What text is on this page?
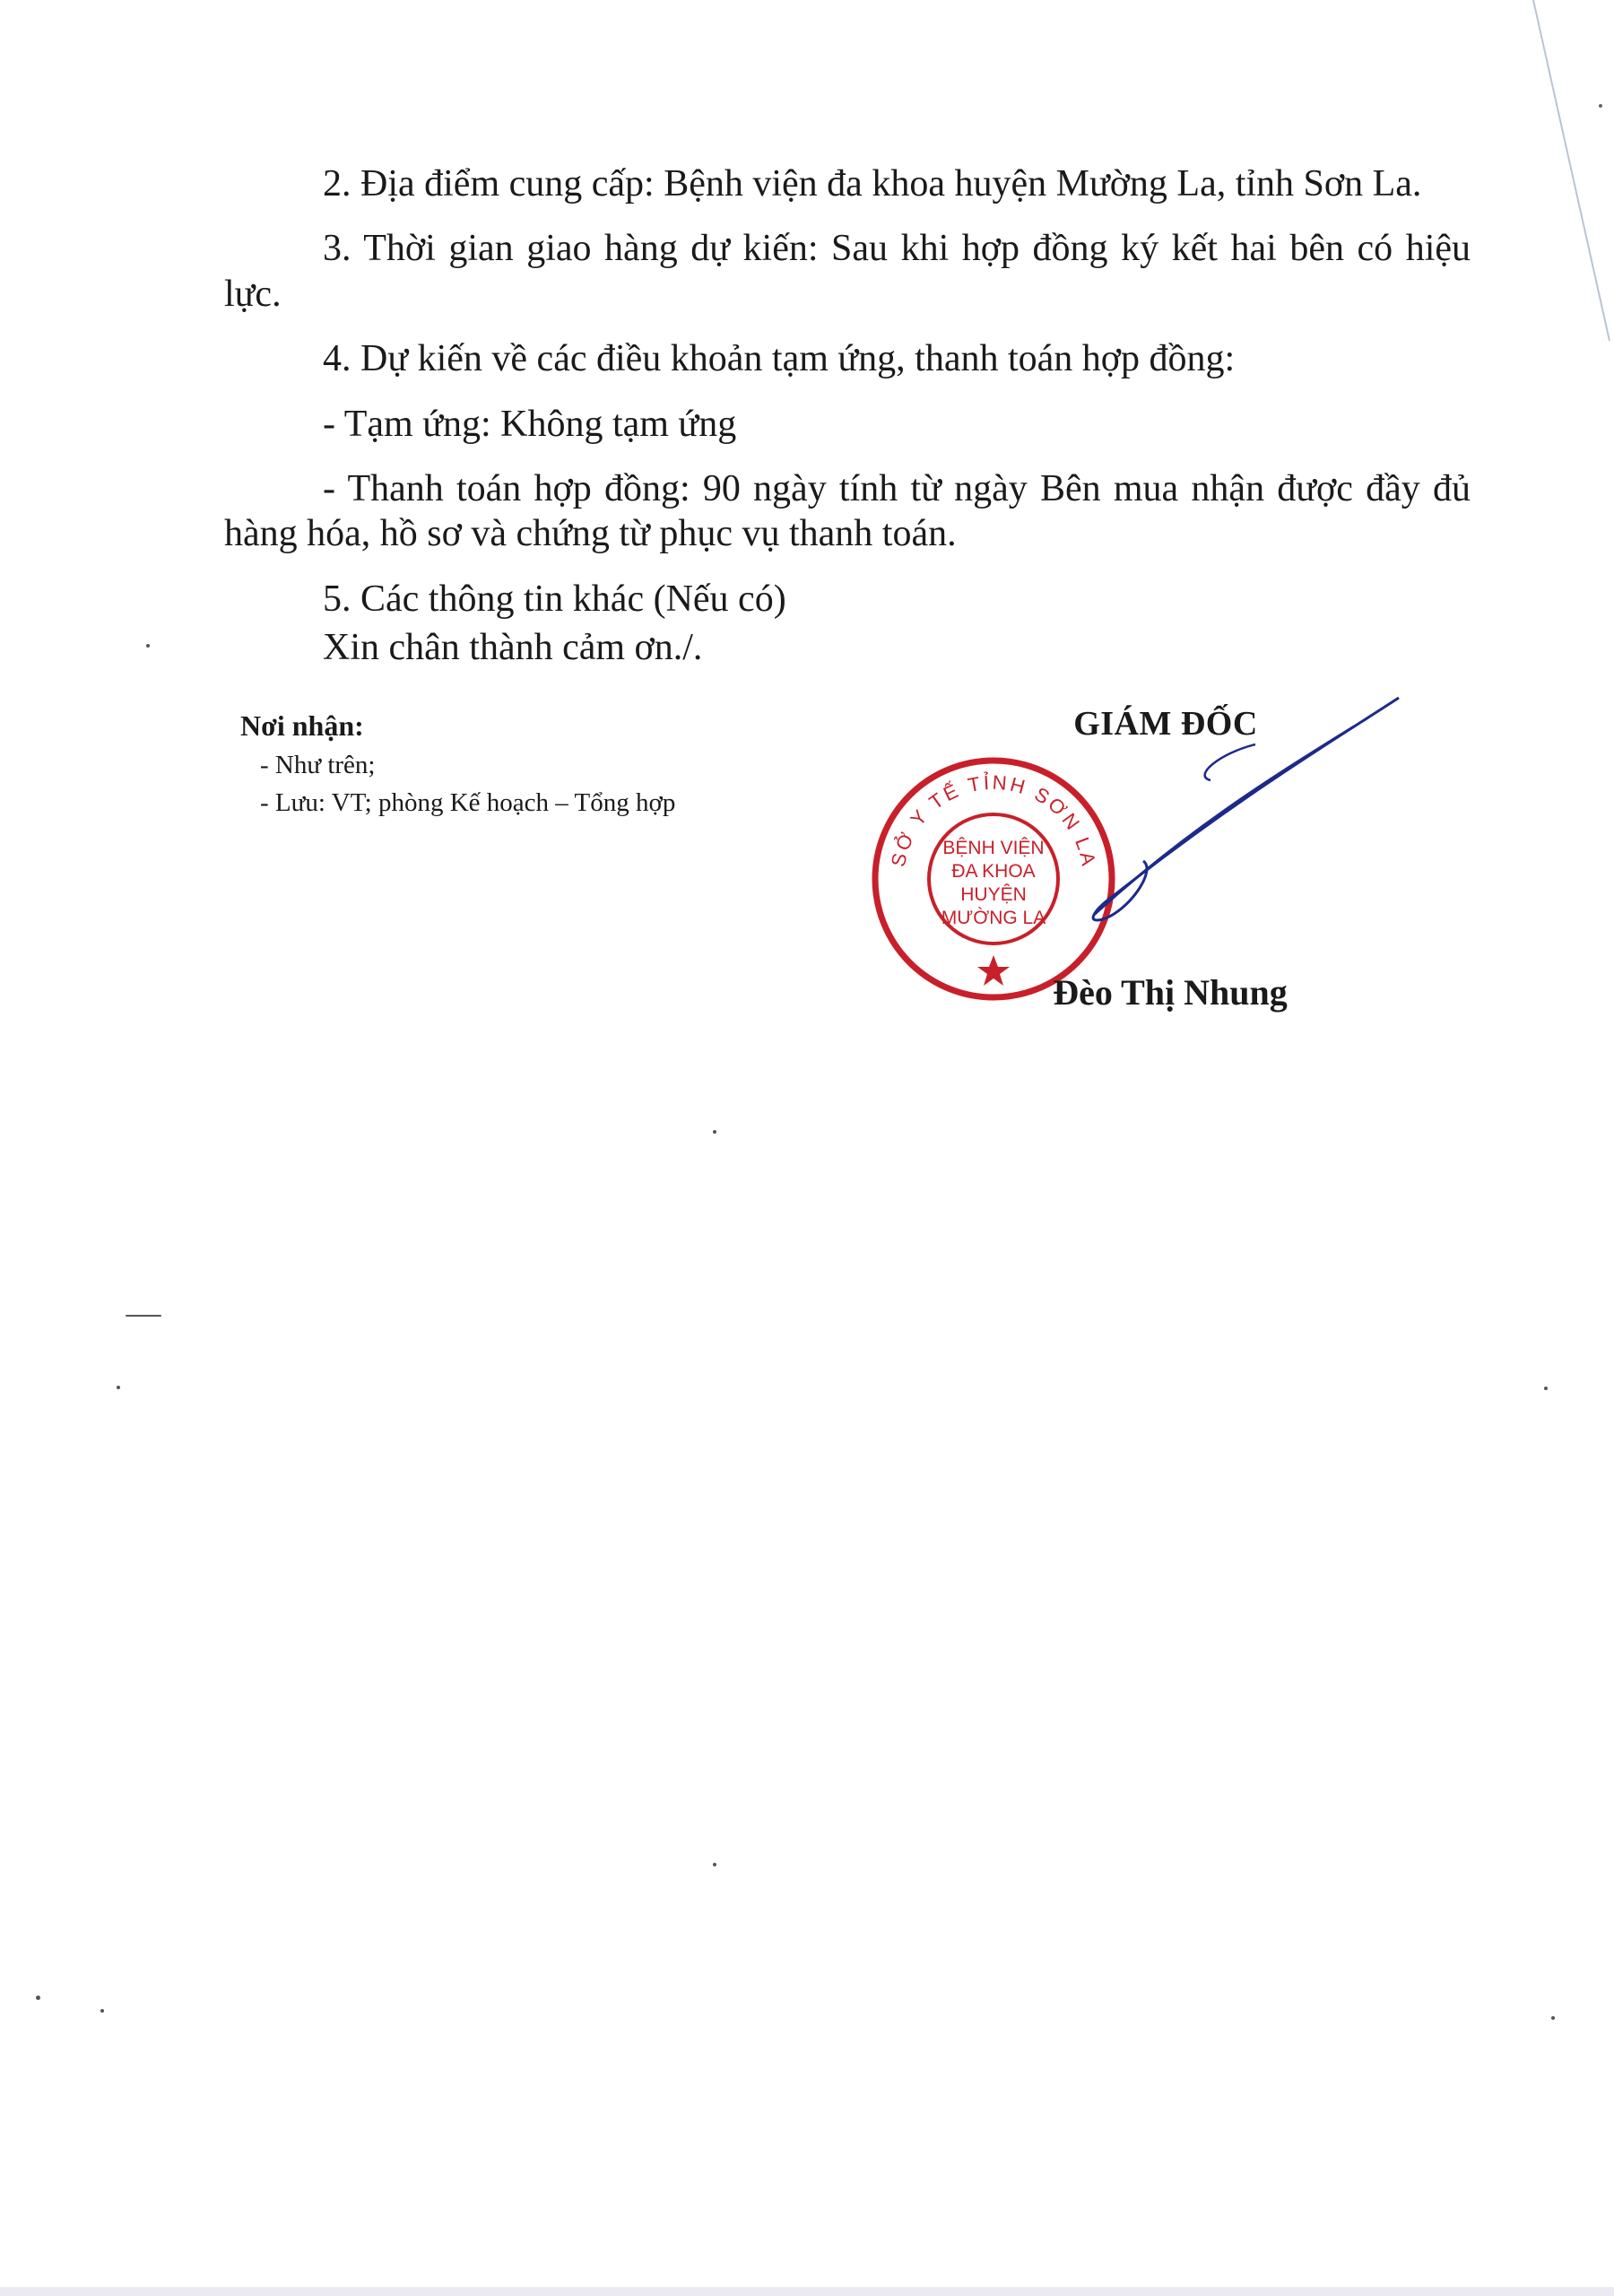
2. Địa điểm cung cấp: Bệnh viện đa khoa huyện Mường La, tỉnh Sơn La.

3. Thời gian giao hàng dự kiến: Sau khi hợp đồng ký kết hai bên có hiệu lực.

4. Dự kiến về các điều khoản tạm ứng, thanh toán hợp đồng:

- Tạm ứng: Không tạm ứng

- Thanh toán hợp đồng: 90 ngày tính từ ngày Bên mua nhận được đầy đủ hàng hóa, hồ sơ và chứng từ phục vụ thanh toán.

5. Các thông tin khác (Nếu có)

Xin chân thành cảm ơn./.

Nơi nhận:
- Như trên;
- Lưu: VT; phòng Kế hoạch – Tổng hợp
GIÁM ĐỐC
SỞ Y TẾ TỈNH SƠN LA
BỆNH VIỆN
ĐA KHOA
HUYỆN
MƯỜNG LA
Đèo Thị Nhung
